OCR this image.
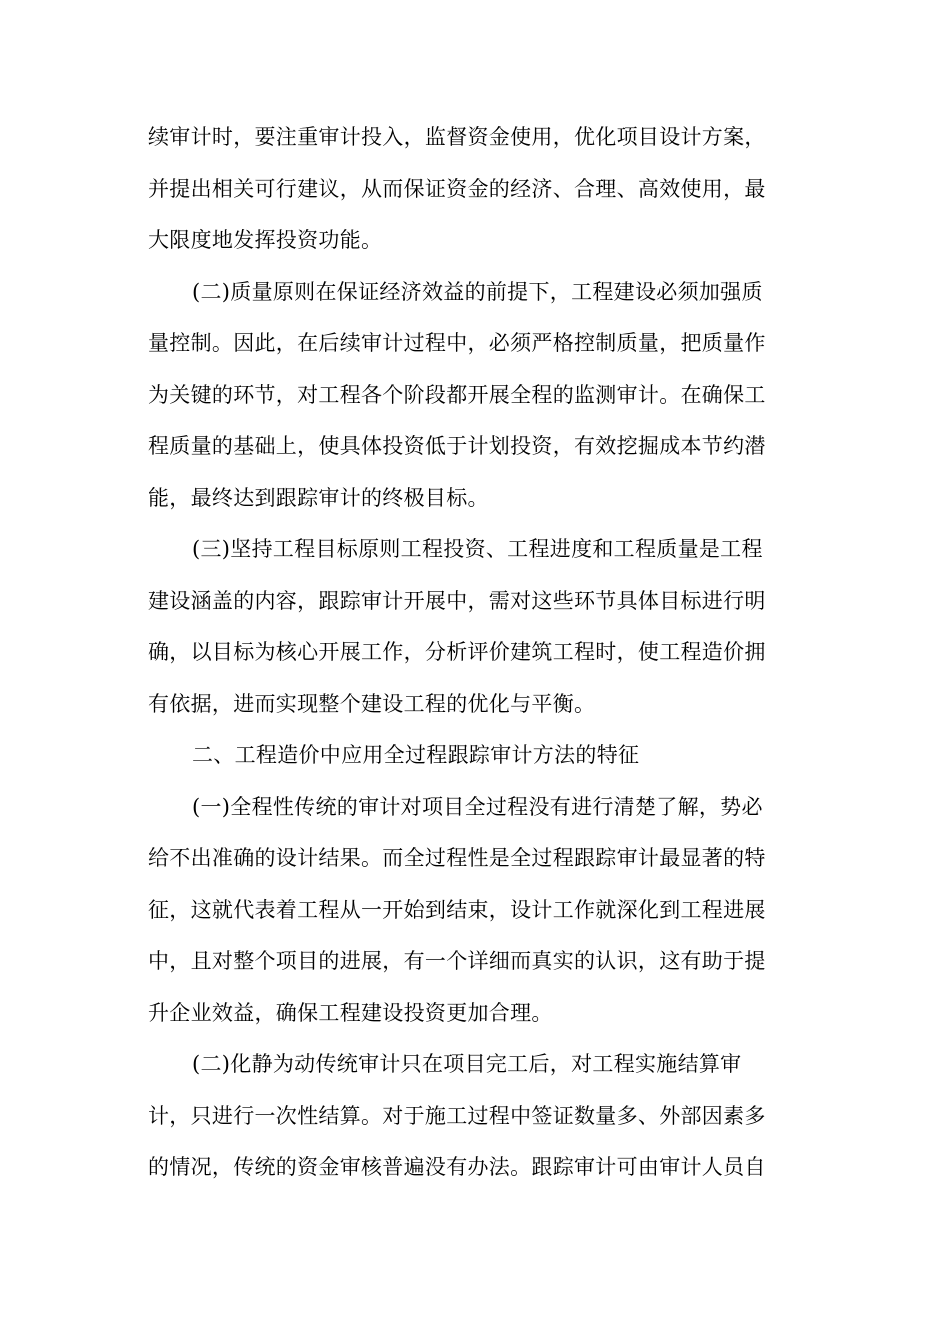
续审计时，要注重审计投入，监督资金使用，优化项目设计方案，
并提出相关可行建议，从而保证资金的经济、合理、高效使用，最
大限度地发挥投资功能。
(二)质量原则在保证经济效益的前提下，工程建设必须加强质
量控制。因此，在后续审计过程中，必须严格控制质量，把质量作
为关键的环节，对工程各个阶段都开展全程的监测审计。在确保工
程质量的基础上，使具体投资低于计划投资，有效挖掘成本节约潜
能，最终达到跟踪审计的终极目标。
(三)坚持工程目标原则工程投资、工程进度和工程质量是工程
建设涵盖的内容，跟踪审计开展中，需对这些环节具体目标进行明
确，以目标为核心开展工作，分析评价建筑工程时，使工程造价拥
有依据，进而实现整个建设工程的优化与平衡。
二、工程造价中应用全过程跟踪审计方法的特征
(一)全程性传统的审计对项目全过程没有进行清楚了解，势必
给不出准确的设计结果。而全过程性是全过程跟踪审计最显著的特
征，这就代表着工程从一开始到结束，设计工作就深化到工程进展
中，且对整个项目的进展，有一个详细而真实的认识，这有助于提
升企业效益，确保工程建设投资更加合理。
(二)化静为动传统审计只在项目完工后，对工程实施结算审
计，只进行一次性结算。对于施工过程中签证数量多、外部因素多
的情况，传统的资金审核普遍没有办法。跟踪审计可由审计人员自
